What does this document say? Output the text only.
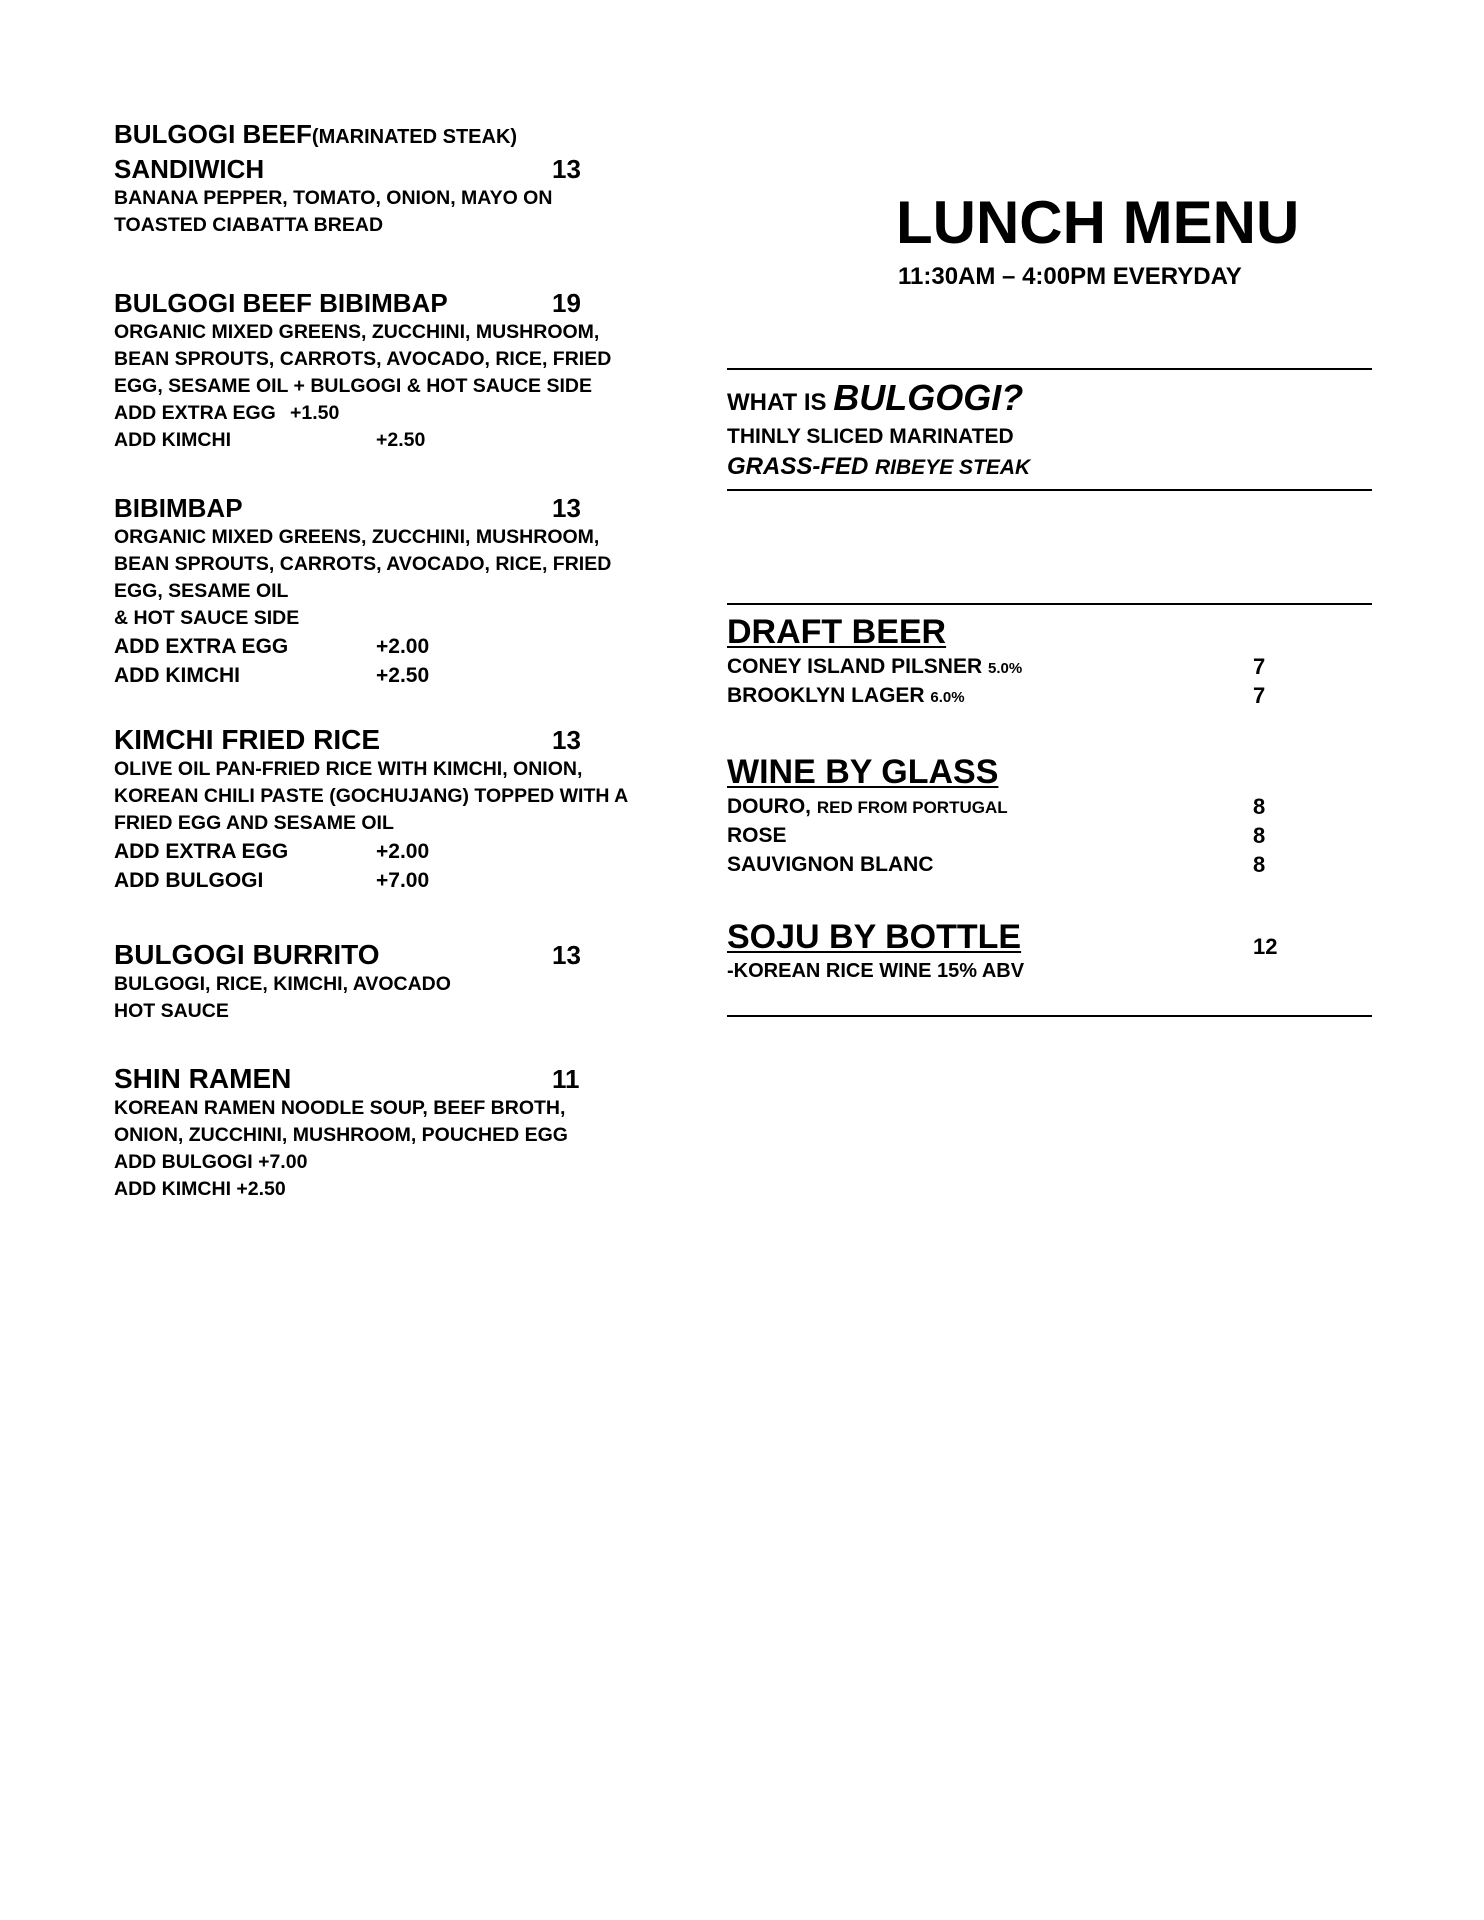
BULGOGI BEEF(MARINATED STEAK)
SANDIWICH	13
BANANA PEPPER, TOMATO, ONION, MAYO ON
TOASTED CIABATTA BREAD
BULGOGI BEEF BIBIMBAP	19
ORGANIC MIXED GREENS, ZUCCHINI, MUSHROOM,
BEAN SPROUTS, CARROTS, AVOCADO, RICE, FRIED
EGG, SESAME OIL + BULGOGI & HOT SAUCE SIDE
ADD EXTRA EGG +1.50
ADD KIMCHI	+2.50
BIBIMBAP	13
ORGANIC MIXED GREENS, ZUCCHINI, MUSHROOM,
BEAN SPROUTS, CARROTS, AVOCADO, RICE, FRIED
EGG, SESAME OIL
& HOT SAUCE SIDE
ADD EXTRA EGG	+2.00
ADD KIMCHI	+2.50
KIMCHI FRIED RICE	13
OLIVE OIL PAN-FRIED RICE WITH KIMCHI, ONION,
KOREAN CHILI PASTE (GOCHUJANG) TOPPED WITH A
FRIED EGG AND SESAME OIL
ADD EXTRA EGG	+2.00
ADD BULGOGI	+7.00
BULGOGI BURRITO	13
BULGOGI, RICE, KIMCHI, AVOCADO
HOT SAUCE
SHIN RAMEN	11
KOREAN RAMEN NOODLE SOUP, BEEF BROTH,
ONION, ZUCCHINI, MUSHROOM, POUCHED EGG
ADD BULGOGI +7.00
ADD KIMCHI +2.50
LUNCH MENU
11:30AM – 4:00PM EVERYDAY
WHAT IS BULGOGI?
THINLY SLICED MARINATED
GRASS-FED RIBEYE STEAK
DRAFT BEER
CONEY ISLAND PILSNER 5.0%	7
BROOKLYN LAGER 6.0%	7
WINE BY GLASS
DOURO, RED FROM PORTUGAL	8
ROSE	8
SAUVIGNON BLANC	8
SOJU BY BOTTLE	12
-KOREAN RICE WINE 15% ABV
